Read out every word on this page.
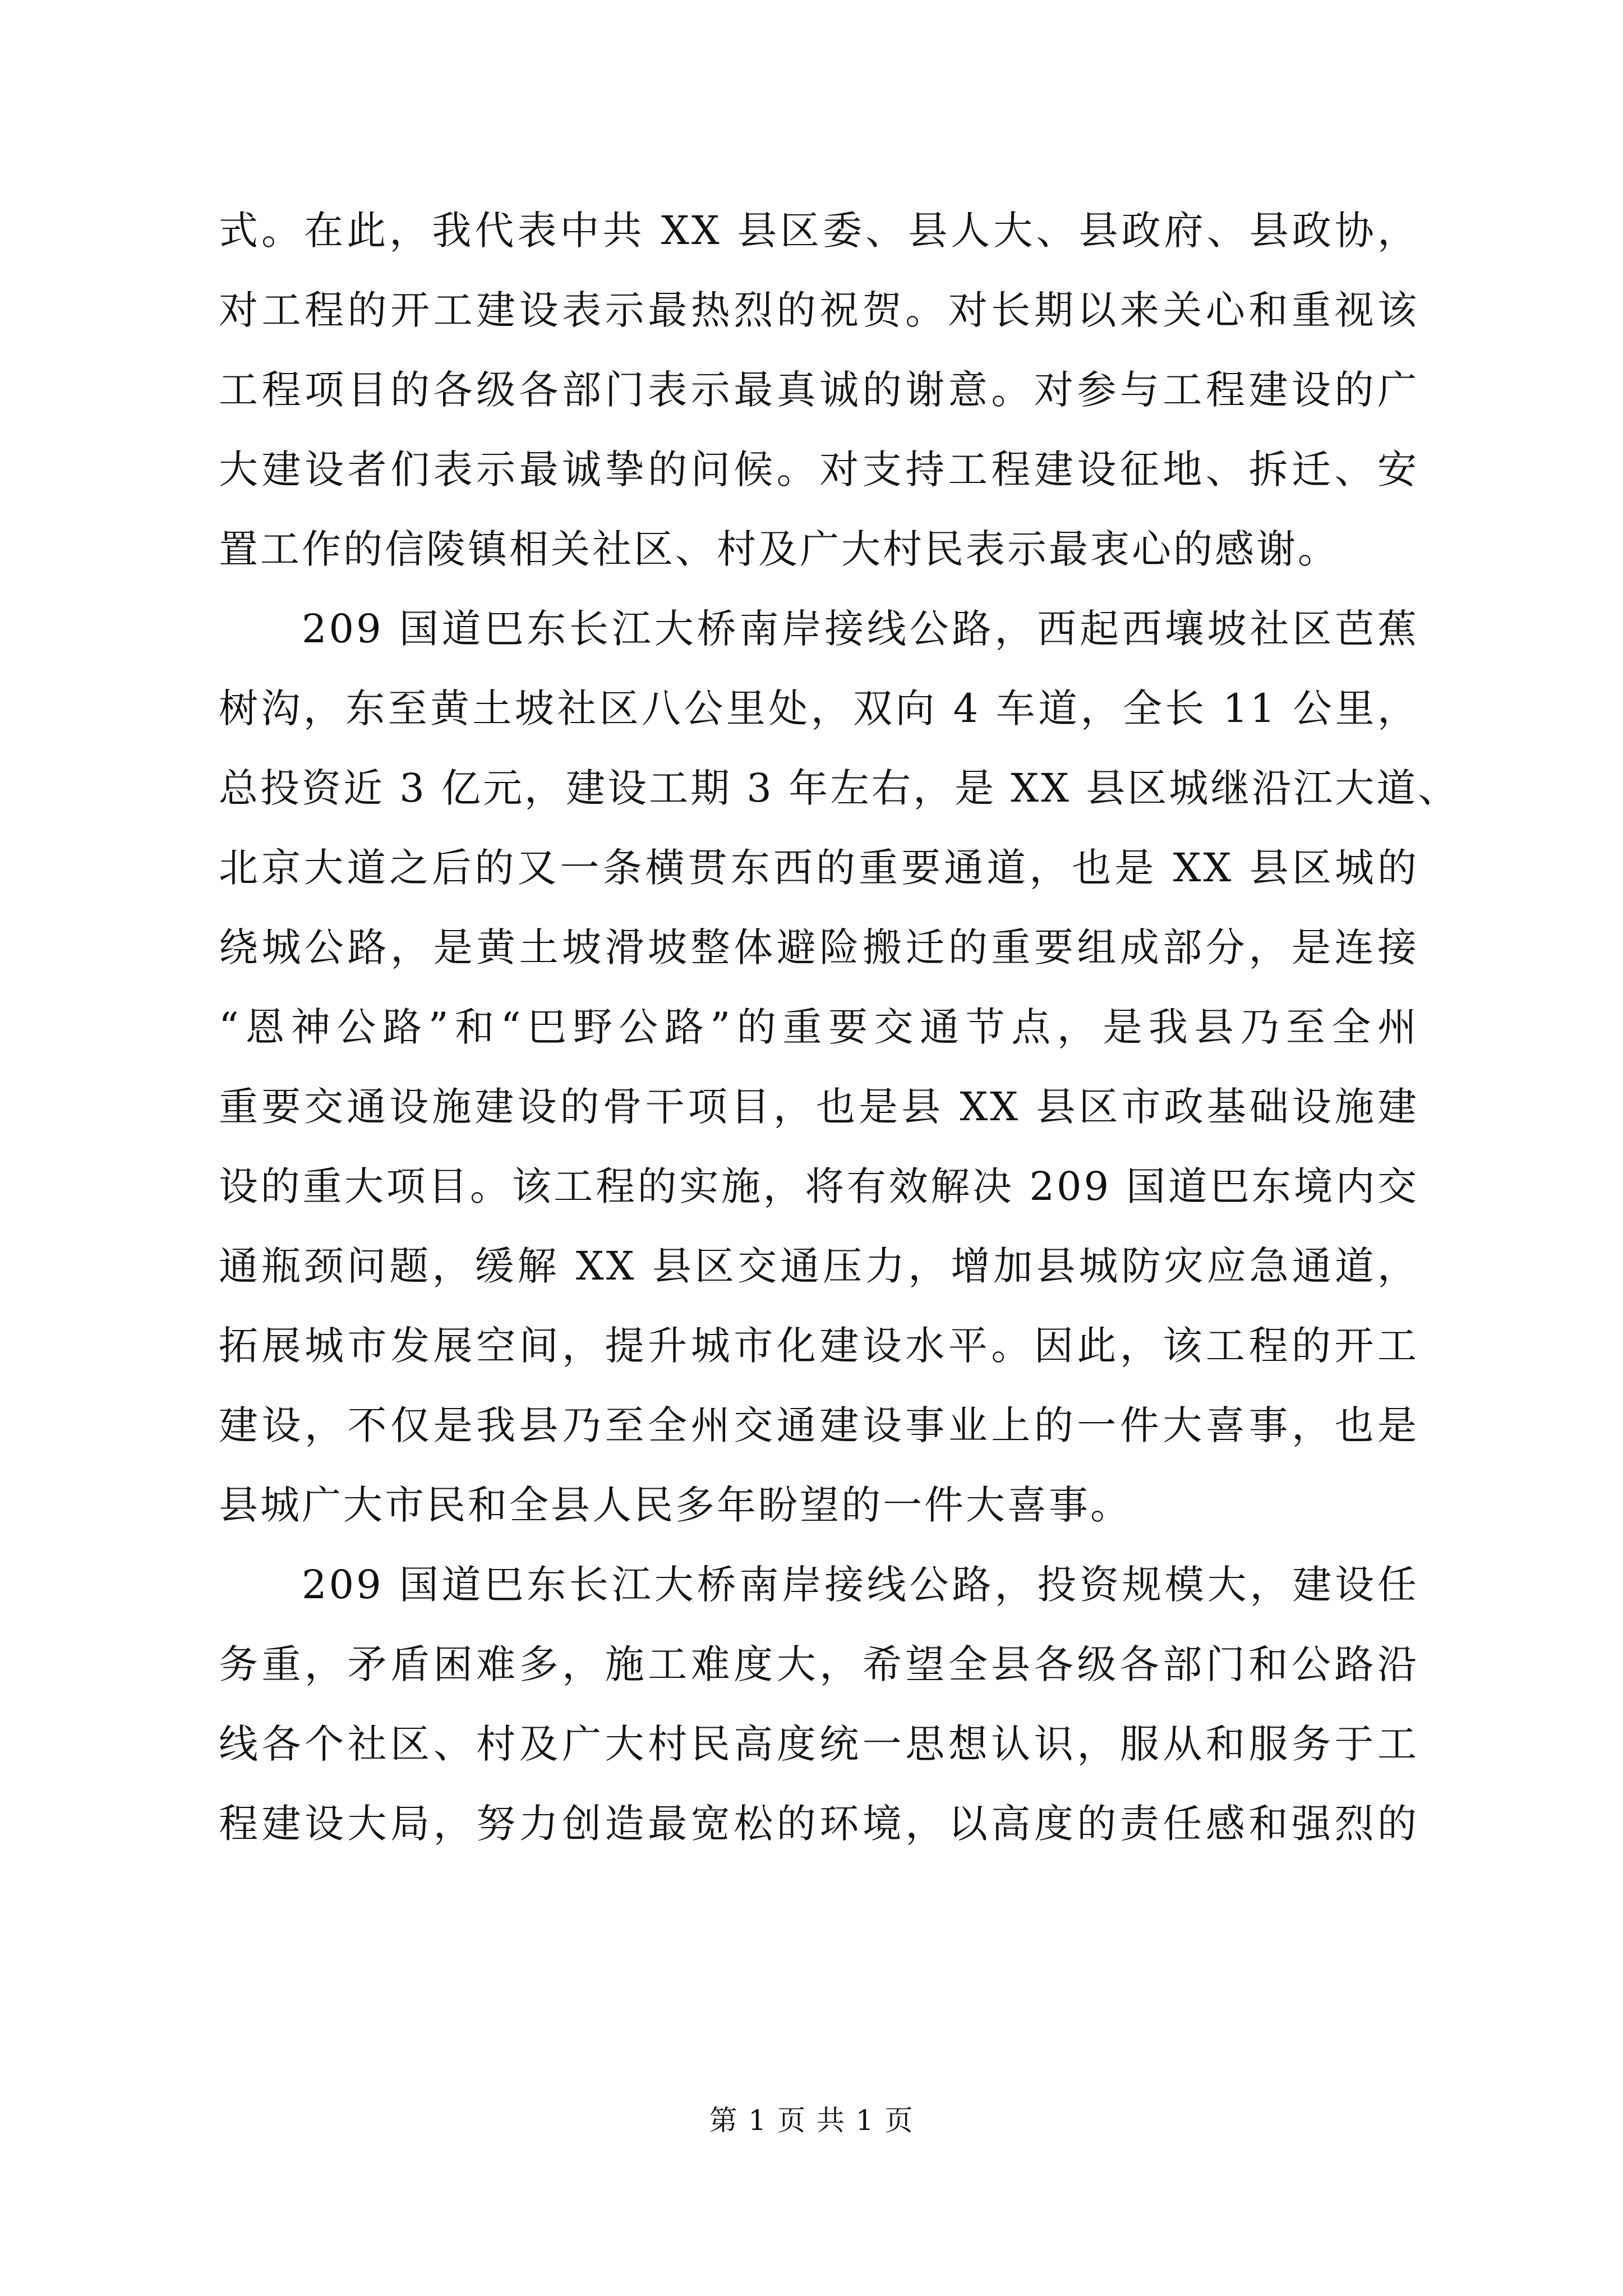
式。在此，我代表中共 XX 县区委、县人大、县政府、县政协，
对工程的开工建设表示最热烈的祝贺。对长期以来关心和重视该
工程项目的各级各部门表示最真诚的谢意。对参与工程建设的广
大建设者们表示最诚挚的问候。对支持工程建设征地、拆迁、安
置工作的信陵镇相关社区、村及广大村民表示最衷心的感谢。
209 国道巴东长江大桥南岸接线公路，西起西壤坡社区芭蕉
树沟，东至黄土坡社区八公里处，双向 4 车道，全长 11 公里，
总投资近 3 亿元，建设工期 3 年左右，是 XX 县区城继沿江大道、
北京大道之后的又一条横贯东西的重要通道，也是 XX 县区城的
绕城公路，是黄土坡滑坡整体避险搬迁的重要组成部分，是连接
“恩神公路”和“巴野公路”的重要交通节点，是我县乃至全州
重要交通设施建设的骨干项目，也是县 XX 县区市政基础设施建
设的重大项目。该工程的实施，将有效解决 209 国道巴东境内交
通瓶颈问题，缓解 XX 县区交通压力，增加县城防灾应急通道，
拓展城市发展空间，提升城市化建设水平。因此，该工程的开工
建设，不仅是我县乃至全州交通建设事业上的一件大喜事，也是
县城广大市民和全县人民多年盼望的一件大喜事。
209 国道巴东长江大桥南岸接线公路，投资规模大，建设任
务重，矛盾困难多，施工难度大，希望全县各级各部门和公路沿
线各个社区、村及广大村民高度统一思想认识，服从和服务于工
程建设大局，努力创造最宽松的环境，以高度的责任感和强烈的
第 1 页 共 1 页
